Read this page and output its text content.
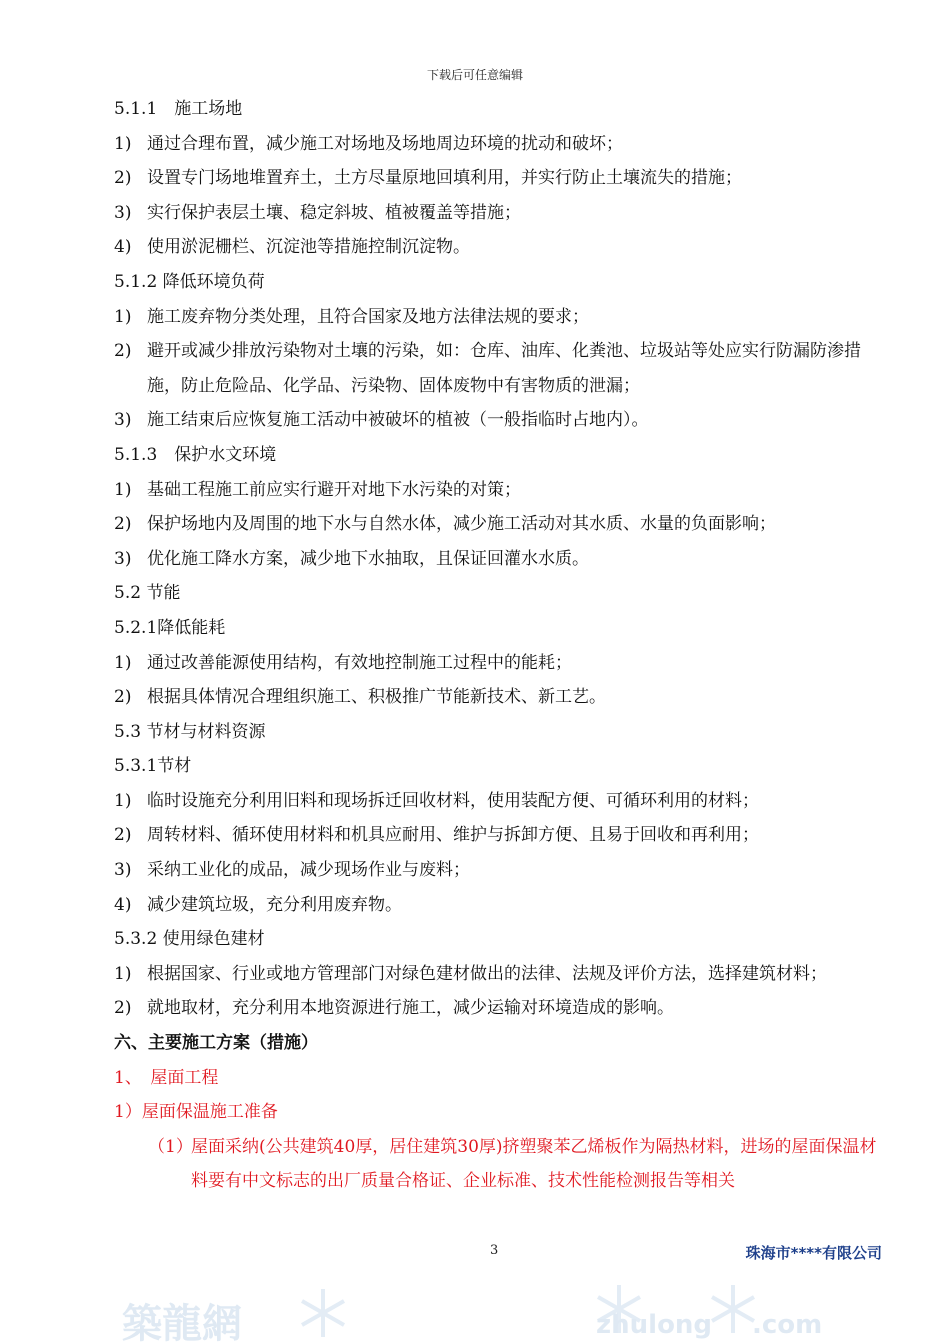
下载后可任意编辑
5.1.1　施工场地
1) 通过合理布置，减少施工对场地及场地周边环境的扰动和破坏；
2) 设置专门场地堆置弃土，土方尽量原地回填利用，并实行防止土壤流失的措施；
3) 实行保护表层土壤、稳定斜坡、植被覆盖等措施；
4) 使用淤泥栅栏、沉淀池等措施控制沉淀物。
5.1.2 降低环境负荷
1) 施工废弃物分类处理，且符合国家及地方法律法规的要求；
2) 避开或减少排放污染物对土壤的污染，如：仓库、油库、化粪池、垃圾站等处应实行防漏防渗措施，防止危险品、化学品、污染物、固体废物中有害物质的泄漏；
3) 施工结束后应恢复施工活动中被破坏的植被（一般指临时占地内）。
5.1.3　保护水文环境
1) 基础工程施工前应实行避开对地下水污染的对策；
2) 保护场地内及周围的地下水与自然水体，减少施工活动对其水质、水量的负面影响；
3) 优化施工降水方案，减少地下水抽取，且保证回灌水水质。
5.2 节能
5.2.1降低能耗
1) 通过改善能源使用结构，有效地控制施工过程中的能耗；
2) 根据具体情况合理组织施工、积极推广节能新技术、新工艺。
5.3 节材与材料资源
5.3.1节材
1) 临时设施充分利用旧料和现场拆迁回收材料，使用装配方便、可循环利用的材料；
2) 周转材料、循环使用材料和机具应耐用、维护与拆卸方便、且易于回收和再利用；
3) 采纳工业化的成品，减少现场作业与废料；
4) 减少建筑垃圾，充分利用废弃物。
5.3.2 使用绿色建材
1) 根据国家、行业或地方管理部门对绿色建材做出的法律、法规及评价方法，选择建筑材料；
2) 就地取材，充分利用本地资源进行施工，减少运输对环境造成的影响。
六、主要施工方案（措施）
1、　屋面工程
1）屋面保温施工准备
（1）
屋面采纳(公共建筑40厚，居住建筑30厚)挤塑聚苯乙烯板作为隔热材料，进场的屋面保温材料要有中文标志的出厂质量合格证、企业标准、技术性能检测报告等相关
3	珠海市****有限公司
築龍網	zhulong .com
